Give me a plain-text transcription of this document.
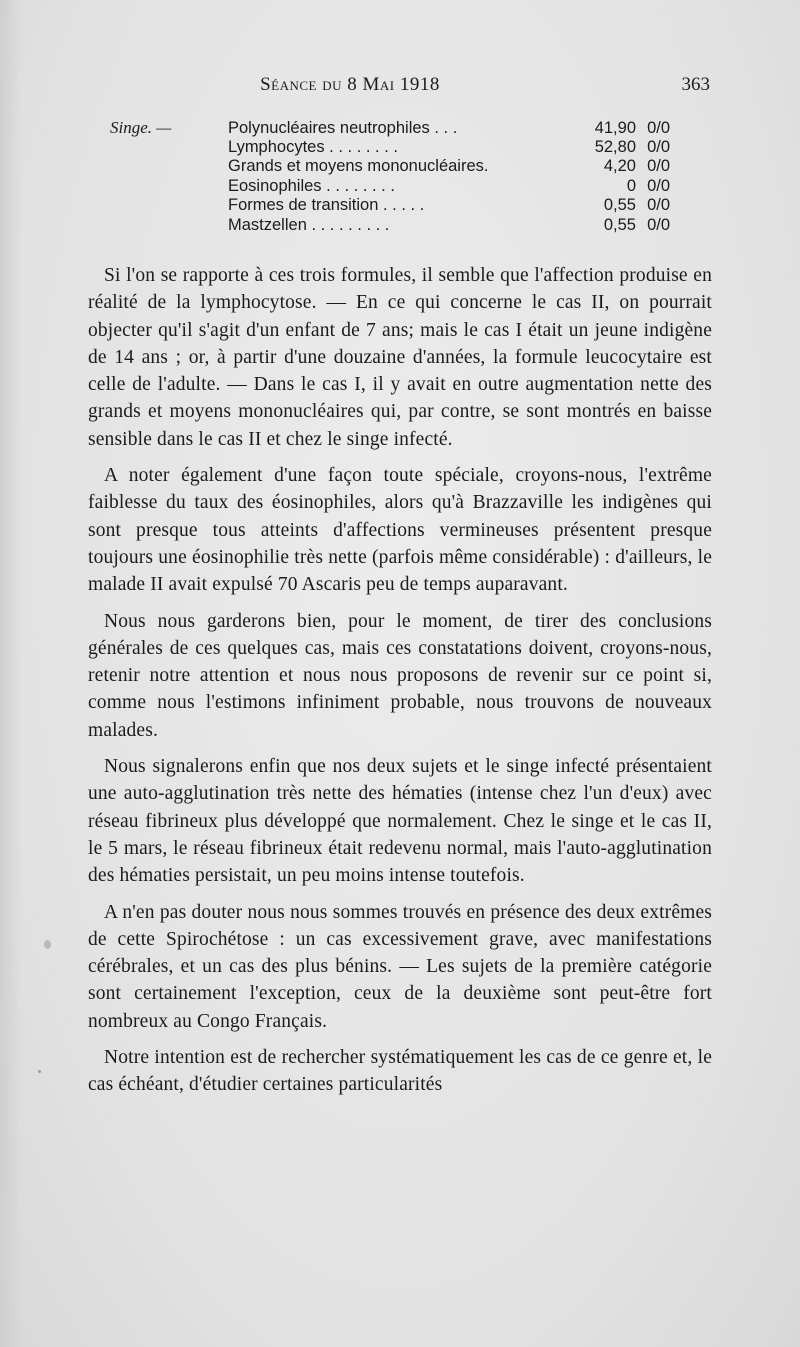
Séance du 8 Mai 1918	363
Singe. —	Polynucléaires neutrophiles . . .	41,90 0/0
Lymphocytes . . . . . . . .	52,80 0/0
Grands et moyens mononucléaires.	4,20 0/0
Eosinophiles . . . . . . . .	0 0/0
Formes de transition . . . . .	0,55 0/0
Mastzellen . . . . . . . . .	0,55 0/0

Si l'on se rapporte à ces trois formules, il semble que l'affection produise en réalité de la lymphocytose. — En ce qui concerne le cas II, on pourrait objecter qu'il s'agit d'un enfant de 7 ans; mais le cas I était un jeune indigène de 14 ans ; or, à partir d'une douzaine d'années, la formule leucocytaire est celle de l'adulte. — Dans le cas I, il y avait en outre augmentation nette des grands et moyens mononucléaires qui, par contre, se sont montrés en baisse sensible dans le cas II et chez le singe infecté.

A noter également d'une façon toute spéciale, croyons-nous, l'extrême faiblesse du taux des éosinophiles, alors qu'à Brazzaville les indigènes qui sont presque tous atteints d'affections vermineuses présentent presque toujours une éosinophilie très nette (parfois même considérable) : d'ailleurs, le malade II avait expulsé 70 Ascaris peu de temps auparavant.

Nous nous garderons bien, pour le moment, de tirer des conclusions générales de ces quelques cas, mais ces constatations doivent, croyons-nous, retenir notre attention et nous nous proposons de revenir sur ce point si, comme nous l'estimons infiniment probable, nous trouvons de nouveaux malades.

Nous signalerons enfin que nos deux sujets et le singe infecté présentaient une auto-agglutination très nette des hématies (intense chez l'un d'eux) avec réseau fibrineux plus développé que normalement. Chez le singe et le cas II, le 5 mars, le réseau fibrineux était redevenu normal, mais l'auto-agglutination des hématies persistait, un peu moins intense toutefois.

A n'en pas douter nous nous sommes trouvés en présence des deux extrêmes de cette Spirochétose : un cas excessivement grave, avec manifestations cérébrales, et un cas des plus bénins. — Les sujets de la première catégorie sont certainement l'exception, ceux de la deuxième sont peut-être fort nombreux au Congo Français.

Notre intention est de rechercher systématiquement les cas de ce genre et, le cas échéant, d'étudier certaines particularités
